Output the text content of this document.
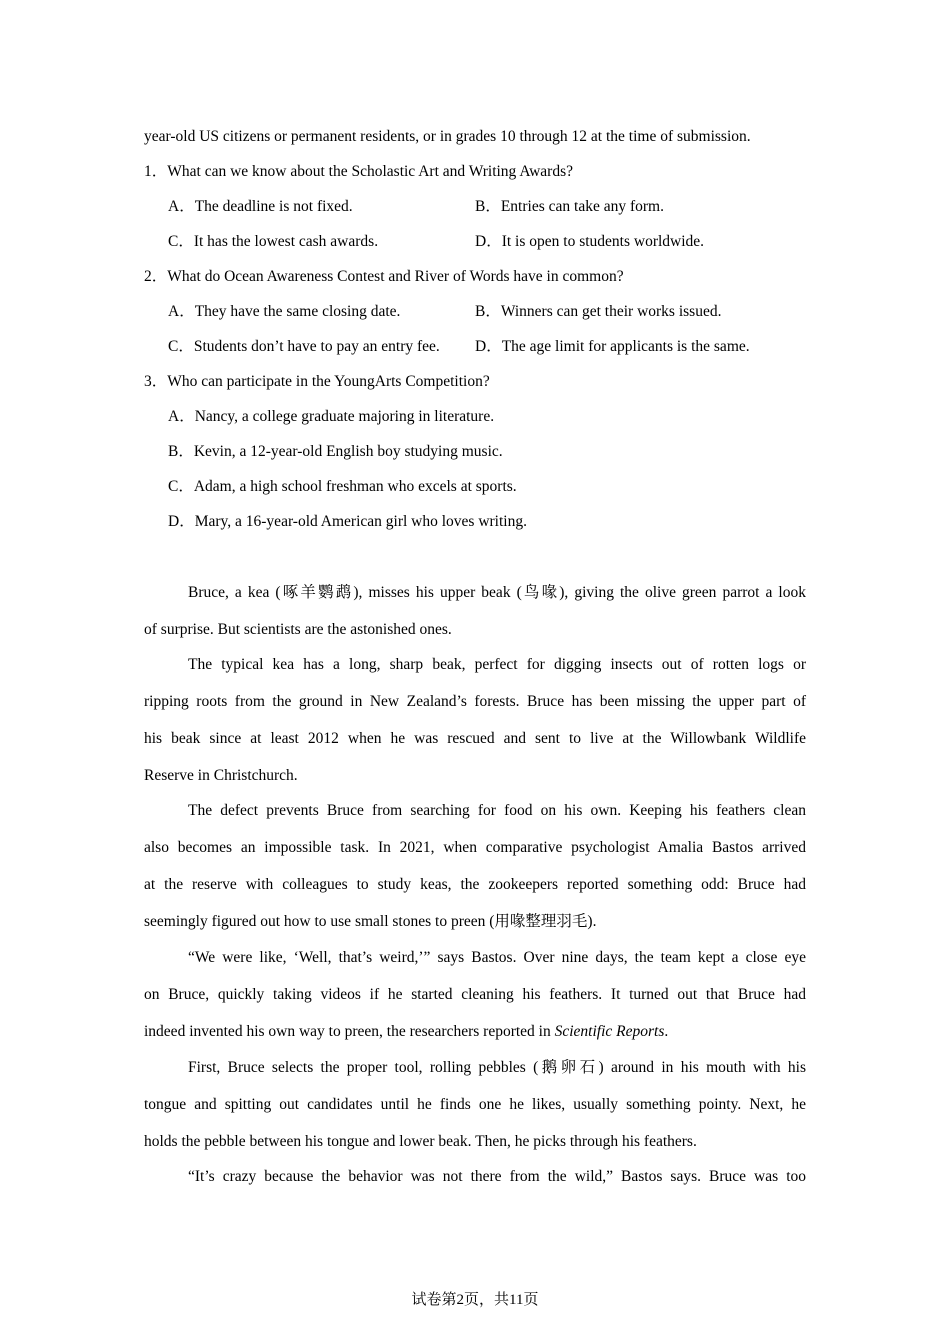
year-old US citizens or permanent residents, or in grades 10 through 12 at the time of submission.
1．What can we know about the Scholastic Art and Writing Awards?
A．The deadline is not fixed.	B．Entries can take any form.
C．It has the lowest cash awards.	D．It is open to students worldwide.
2．What do Ocean Awareness Contest and River of Words have in common?
A．They have the same closing date.	B．Winners can get their works issued.
C．Students don’t have to pay an entry fee. D．The age limit for applicants is the same.
3．Who can participate in the YoungArts Competition?
A．Nancy, a college graduate majoring in literature.
B．Kevin, a 12-year-old English boy studying music.
C．Adam, a high school freshman who excels at sports.
D．Mary, a 16-year-old American girl who loves writing.
Bruce, a kea (啄羊鹦鹉), misses his upper beak (鸟喙), giving the olive green parrot a look
of surprise. But scientists are the astonished ones.
The typical kea has a long, sharp beak, perfect for digging insects out of rotten logs or
ripping roots from the ground in New Zealand’s forests. Bruce has been missing the upper part of
his beak since at least 2012 when he was rescued and sent to live at the Willowbank Wildlife
Reserve in Christchurch.
The defect prevents Bruce from searching for food on his own. Keeping his feathers clean
also becomes an impossible task. In 2021, when comparative psychologist Amalia Bastos arrived
at the reserve with colleagues to study keas, the zookeepers reported something odd: Bruce had
seemingly figured out how to use small stones to preen (用喙整理羽毛).
“We were like, ‘Well, that’s weird,’” says Bastos. Over nine days, the team kept a close eye
on Bruce, quickly taking videos if he started cleaning his feathers. It turned out that Bruce had
indeed invented his own way to preen, the researchers reported in Scientific Reports.
First, Bruce selects the proper tool, rolling pebbles (鹅卵石) around in his mouth with his
tongue and spitting out candidates until he finds one he likes, usually something pointy. Next, he
holds the pebble between his tongue and lower beak. Then, he picks through his feathers.
“It’s crazy because the behavior was not there from the wild,” Bastos says. Bruce was too
试卷第2页，共11页
